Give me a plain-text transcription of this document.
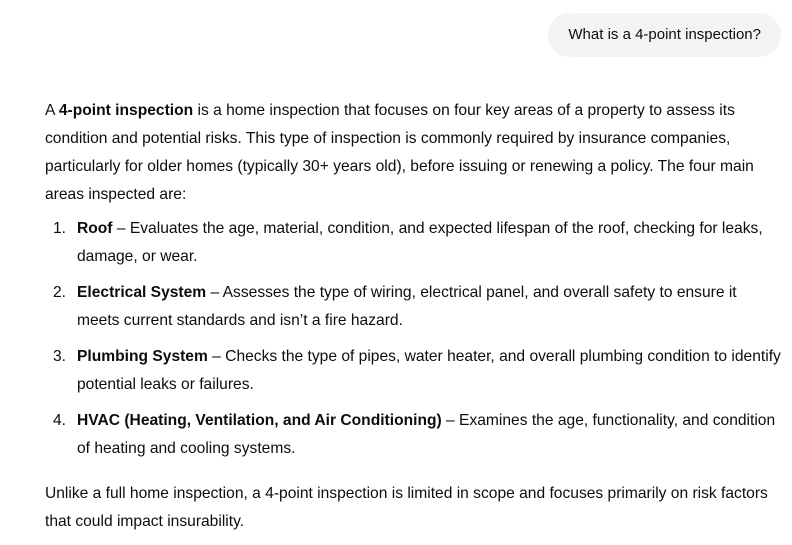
What is a 4-point inspection?

A 4-point inspection is a home inspection that focuses on four key areas of a property to assess its condition and potential risks. This type of inspection is commonly required by insurance companies, particularly for older homes (typically 30+ years old), before issuing or renewing a policy. The four main areas inspected are:

1. Roof – Evaluates the age, material, condition, and expected lifespan of the roof, checking for leaks, damage, or wear.
2. Electrical System – Assesses the type of wiring, electrical panel, and overall safety to ensure it meets current standards and isn’t a fire hazard.
3. Plumbing System – Checks the type of pipes, water heater, and overall plumbing condition to identify potential leaks or failures.
4. HVAC (Heating, Ventilation, and Air Conditioning) – Examines the age, functionality, and condition of heating and cooling systems.

Unlike a full home inspection, a 4-point inspection is limited in scope and focuses primarily on risk factors that could impact insurability.
